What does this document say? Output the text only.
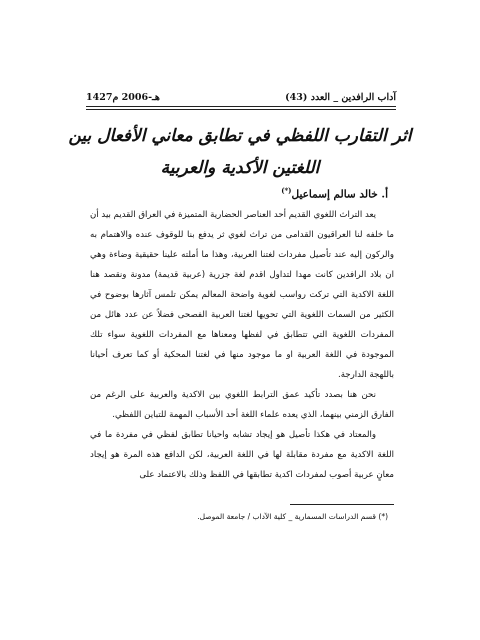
1427هـ-2006 م	آداب الرافدين _ العدد (43)
اثر التقارب اللفظي في تطابق معاني الأفعال بين
اللغتين الأكدية والعربية
أ. خالد سالم إسماعيل(*)

يعد التراث اللغوي القديم أحد العناصر الحضارية المتميزة في العراق القديم بيد أن ما خلفه لنا العراقيون القدامى من تراث لغوي ثر يدفع بنا للوقوف عنده والاهتمام به والركون إليه عند تأصيل مفردات لغتنا العربية، وهذا ما أملته علينا حقيقية وضاءة وهي ان بلاد الرافدين كانت مهدا لتداول اقدم لغة جزرية (عربية قديمة) مدونة ونقصد هنا اللغة الاكدية التي تركت رواسب لغوية واضحة المعالم يمكن تلمس آثارها بوضوح في الكثير من السمات اللغوية التي تحويها لغتنا العربية الفصحى فضلاً عن عدد هائل من المفردات اللغوية التي تتطابق في لفظها ومعناها مع المفردات اللغوية سواء تلك الموجودة في اللغة العربية او ما موجود منها في لغتنا المحكية أو كما تعرف أحيانا باللهجة الدارجة.

نحن هنا بصدد تأكيد عمق الترابط اللغوي بين الاكدية والعربية على الرغم من الفارق الزمني بينهما، الذي يعده علماء اللغة أحد الأسباب المهمة للتباين اللفظي.

والمعتاد في هكذا تأصيل هو إيجاد تشابه واحيانا تطابق لفظي في مفردة ما في اللغة الاكدية مع مفردة مقابلة لها في اللغة العربية، لكن الدافع هذه المرة هو إيجاد معانٍ عربية أصوب لمفردات اكدية تطابقها في اللفظ وذلك بالاعتماد على

(*) قسم الدراسات المسمارية _ كلية الآداب / جامعة الموصل.
